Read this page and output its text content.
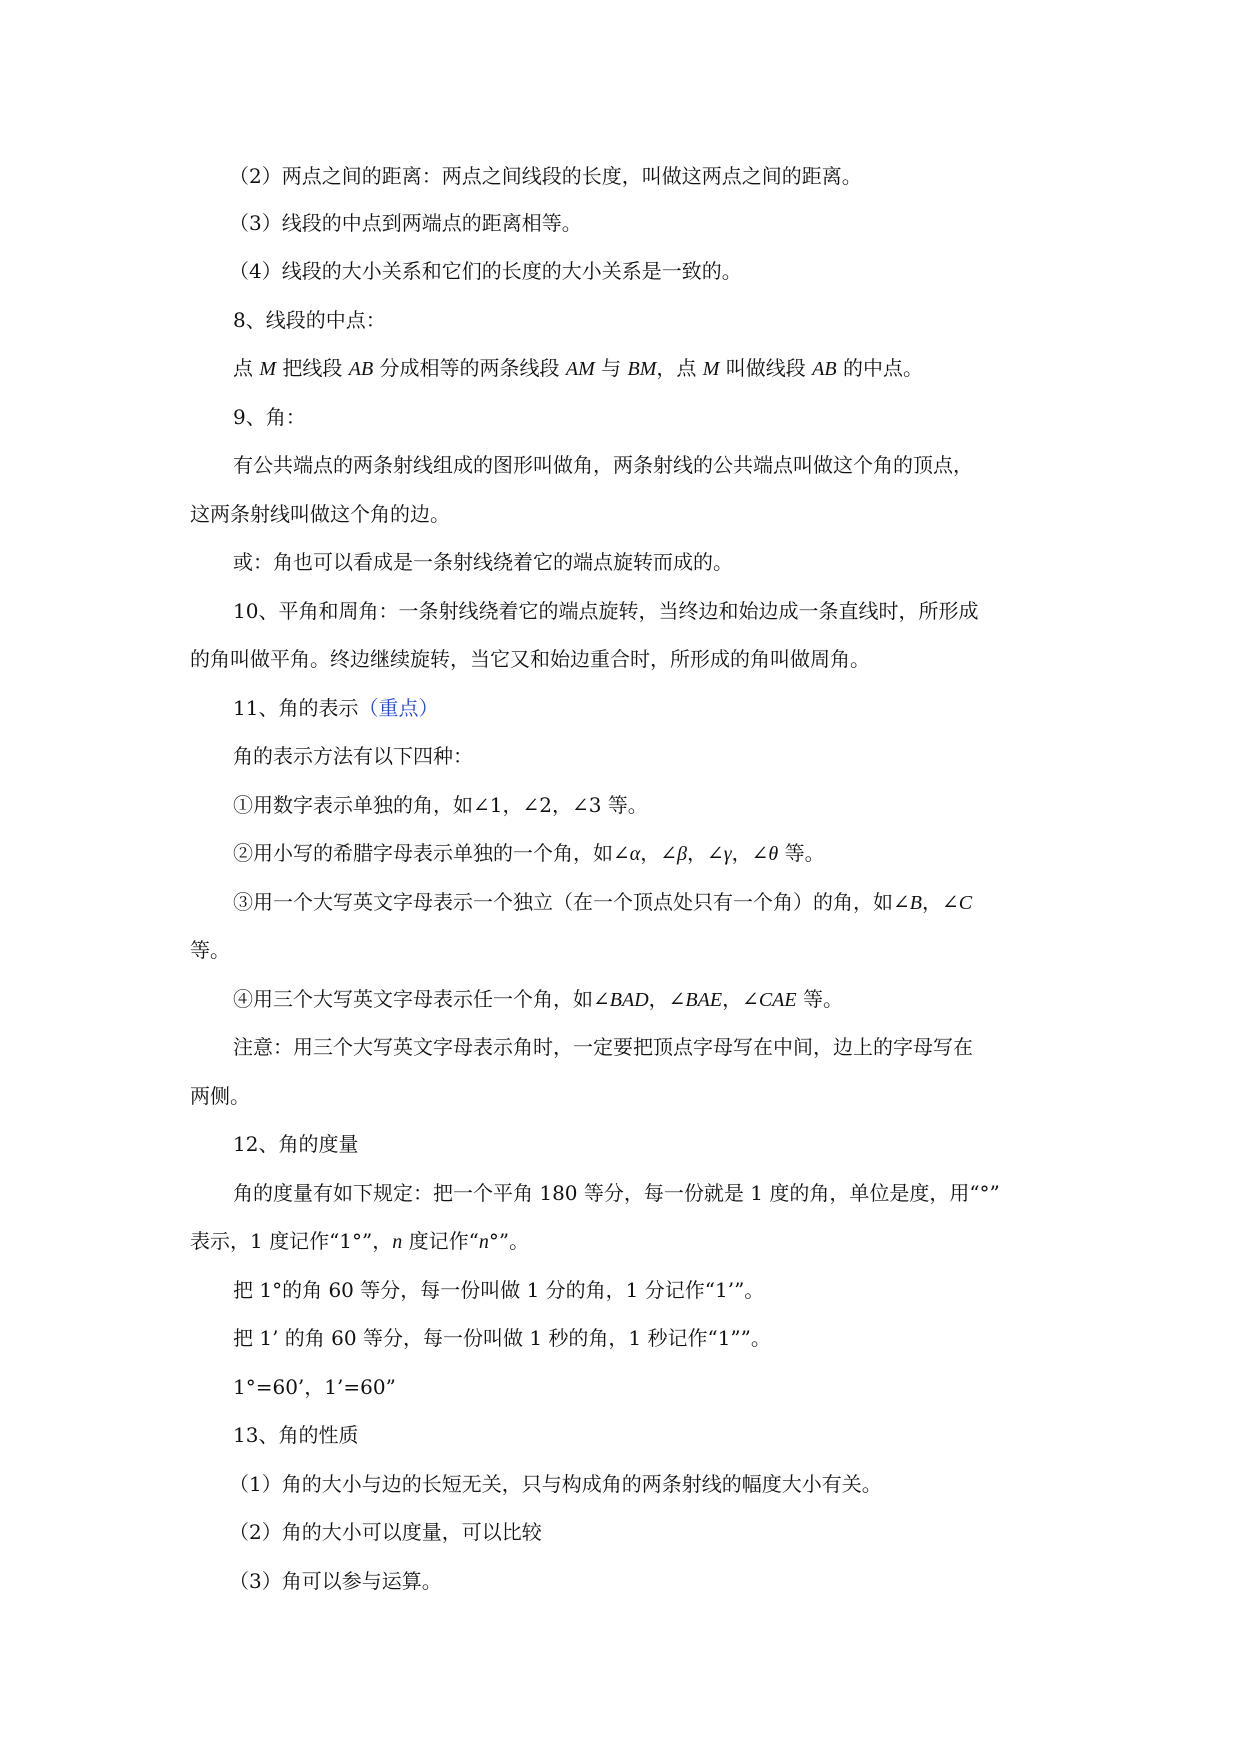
（2）两点之间的距离：两点之间线段的长度，叫做这两点之间的距离。
（3）线段的中点到两端点的距离相等。
（4）线段的大小关系和它们的长度的大小关系是一致的。
8、线段的中点：
点 M 把线段 AB 分成相等的两条线段 AM 与 BM，点 M 叫做线段 AB 的中点。
9、角：
有公共端点的两条射线组成的图形叫做角，两条射线的公共端点叫做这个角的顶点，
这两条射线叫做这个角的边。
或：角也可以看成是一条射线绕着它的端点旋转而成的。
10、平角和周角：一条射线绕着它的端点旋转，当终边和始边成一条直线时，所形成
的角叫做平角。终边继续旋转，当它又和始边重合时，所形成的角叫做周角。
11、角的表示（重点）
角的表示方法有以下四种：
①用数字表示单独的角，如∠1，∠2，∠3 等。
②用小写的希腊字母表示单独的一个角，如∠α，∠β，∠γ，∠θ 等。
③用一个大写英文字母表示一个独立（在一个顶点处只有一个角）的角，如∠B，∠C
等。
④用三个大写英文字母表示任一个角，如∠BAD，∠BAE，∠CAE 等。
注意：用三个大写英文字母表示角时，一定要把顶点字母写在中间，边上的字母写在
两侧。
12、角的度量
角的度量有如下规定：把一个平角 180 等分，每一份就是 1 度的角，单位是度，用“°”
表示，1 度记作“1°”，n 度记作“n°”。
把 1°的角 60 等分，每一份叫做 1 分的角，1 分记作“1’”。
把 1’ 的角 60 等分，每一份叫做 1 秒的角，1 秒记作“1””。
1°=60’，1’=60”
13、角的性质
（1）角的大小与边的长短无关，只与构成角的两条射线的幅度大小有关。
（2）角的大小可以度量，可以比较
（3）角可以参与运算。
